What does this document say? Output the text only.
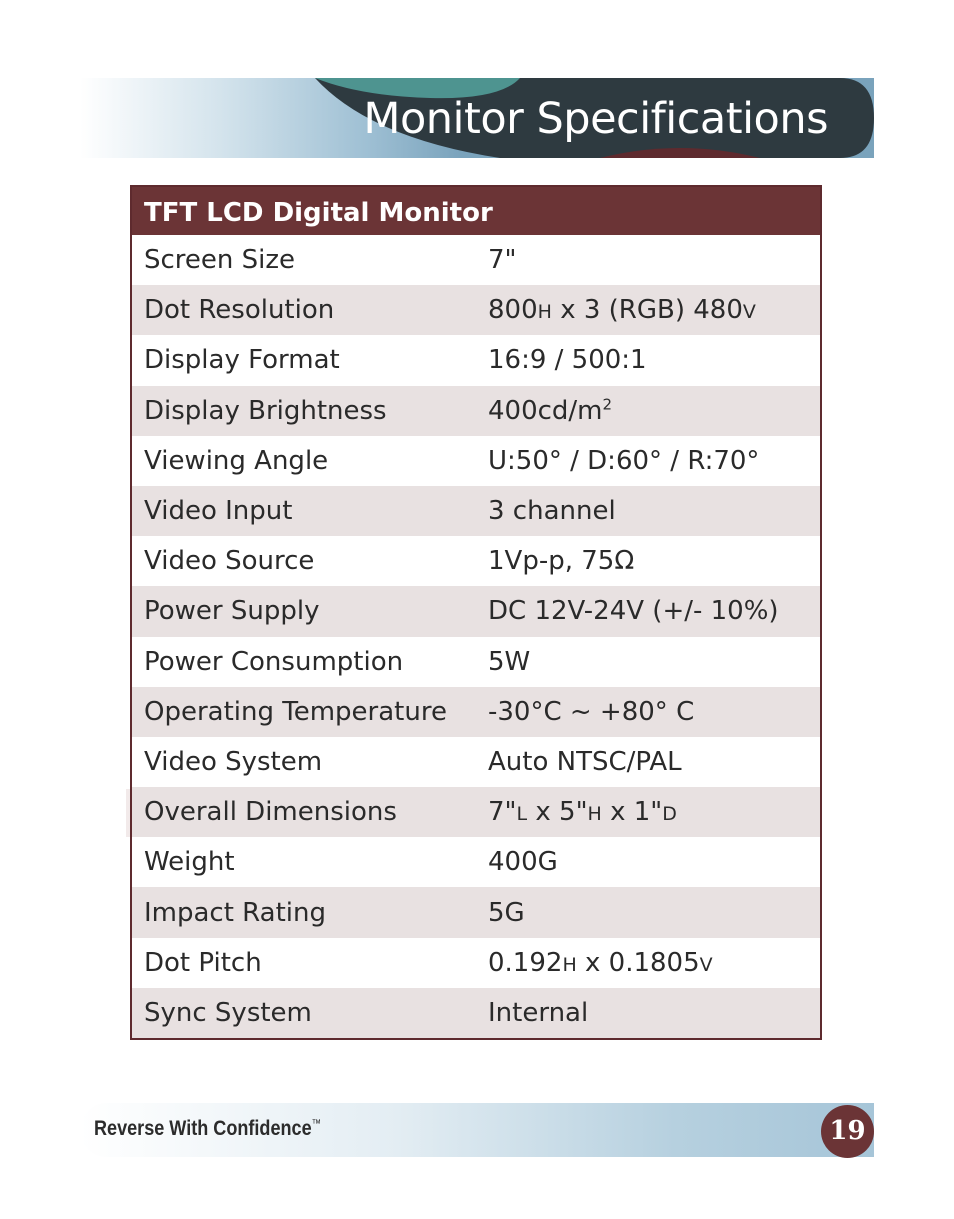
Monitor Specifications
TFT LCD Digital Monitor
Screen Size	7"
Dot Resolution	800H x 3 (RGB) 480V
Display Format	16:9 / 500:1
Display Brightness	$400cd/m^2$
Viewing Angle	U:50° / D:60° / R:70°
Video Input	3 channel
Video Source	1Vp-p, 75Ω
Power Supply	DC 12V-24V (+/- 10%)
Power Consumption	5W
Operating Temperature	-30°C ~ +80° C
Video System	Auto NTSC/PAL
Overall Dimensions	7"L x 5"H x 1"D
Weight	400G
Impact Rating	5G
Dot Pitch	0.192H x 0.1805V
Sync System	Internal
Reverse With Confidence™	19
